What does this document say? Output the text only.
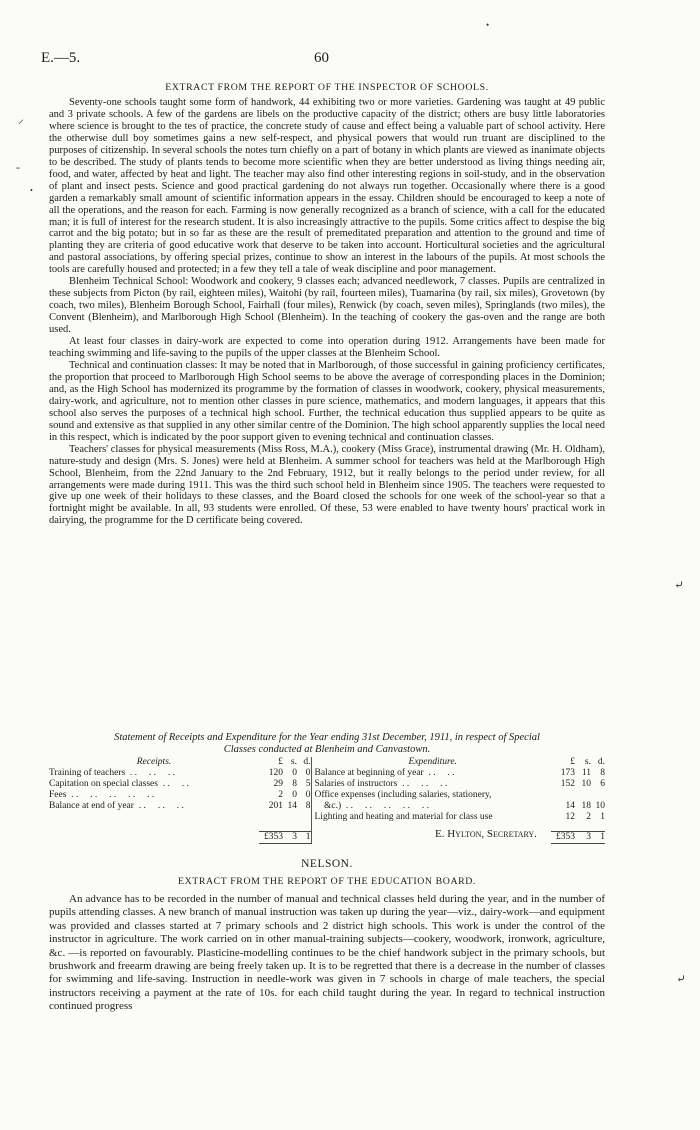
•
⸝
-
•
⤶
⤶
E.—5.	60

EXTRACT FROM THE REPORT OF THE INSPECTOR OF SCHOOLS.

Seventy-one schools taught some form of handwork, 44 exhibiting two or more varieties. Gardening was taught at 49 public and 3 private schools. A few of the gardens are libels on the productive capacity of the district; others are busy little laboratories where science is brought to the tes of practice, the concrete study of cause and effect being a valuable part of school activity. Here the otherwise dull boy sometimes gains a new self-respect, and physical powers that would run truant are disciplined to the purposes of citizenship. In several schools the notes turn chiefly on a part of botany in which plants are viewed as inanimate objects to be described. The study of plants tends to become more scientific when they are better understood as living things needing air, food, and water, affected by heat and light. The teacher may also find other interesting regions in soil-study, and in the observation of plant and insect pests. Science and good practical gardening do not always run together. Occasionally where there is a good garden a remarkably small amount of scientific information appears in the essay. Children should be encouraged to keep a note of all the operations, and the reason for each. Farming is now generally recognized as a branch of science, with a call for the educated man; it is full of interest for the research student. It is also increasingly attractive to the pupils. Some critics affect to despise the big carrot and the big potato; but in so far as these are the result of premeditated preparation and attention to the ground and time of planting they are criteria of good educative work that deserve to be taken into account. Horticultural societies and the agricultural and pastoral associations, by offering special prizes, continue to show an interest in the labours of the pupils. At most schools the tools are carefully housed and protected; in a few they tell a tale of weak discipline and poor management.

Blenheim Technical School: Woodwork and cookery, 9 classes each; advanced needlework, 7 classes. Pupils are centralized in these subjects from Picton (by rail, eighteen miles), Waitohi (by rail, fourteen miles), Tuamarina (by rail, six miles), Grovetown (by coach, two miles), Blenheim Borough School, Fairhall (four miles), Renwick (by coach, seven miles), Springlands (two miles), the Convent (Blenheim), and Marlborough High School (Blenheim). In the teaching of cookery the gas-oven and the range are both used.

At least four classes in dairy-work are expected to come into operation during 1912. Arrangements have been made for teaching swimming and life-saving to the pupils of the upper classes at the Blenheim School.

Technical and continuation classes: It may be noted that in Marlborough, of those successful in gaining proficiency certificates, the proportion that proceed to Marlborough High School seems to be above the average of corresponding places in the Dominion; and, as the High School has modernized its programme by the formation of classes in woodwork, cookery, physical measurements, dairy-work, and agriculture, not to mention other classes in pure science, mathematics, and modern languages, it appears that this school also serves the purposes of a technical high school. Further, the technical education thus supplied appears to be quite as sound and extensive as that supplied in any other similar centre of the Dominion. The high school apparently supplies the local need in this respect, which is indicated by the poor support given to evening technical and continuation classes.

Teachers' classes for physical measurements (Miss Ross, M.A.), cookery (Miss Grace), instrumental drawing (Mr. H. Oldham), nature-study and design (Mrs. S. Jones) were held at Blenheim. A summer school for teachers was held at the Marlborough High School, Blenheim, from the 22nd January to the 2nd February, 1912, but it really belongs to the period under review, for all arrangements were made during 1911. This was the third such school held in Blenheim since 1905. The teachers were requested to give up one week of their holidays to these classes, and the Board closed the schools for one week of the school-year so that a fortnight might be available. In all, 93 students were enrolled. Of these, 53 were enabled to have twenty hours' practical work in dairying, the programme for the D certificate being covered.

Statement of Receipts and Expenditure for the Year ending 31st December, 1911, in respect of Special

Classes conducted at Blenheim and Canvastown.

Receipts.	£	s.	d.	Expenditure.	£	s.	d.
Training of teachers  . .     . .     . .	120	0	0	Balance at beginning of year  . .     . .	173	11	8
Capitation on special classes  . .     . .	29	8	5	Salaries of instructors  . .     . .     . .	152	10	6
Fees  . .     . .     . .     . .     . .	2	0	0	Office expenses (including salaries, stationery,			
Balance at end of year  . .     . .     . .	201	14	8	&c.)  . .     . .     . .     . .     . .	14	18	10
				Lighting and heating and material for class use	12	2	1

	£353	3	1		£353	3	1
E. Hylton, Secretary.
NELSON.
EXTRACT FROM THE REPORT OF THE EDUCATION BOARD.

An advance has to be recorded in the number of manual and technical classes held during the year, and in the number of pupils attending classes. A new branch of manual instruction was taken up during the year—viz., dairy-work—and equipment was provided and classes started at 7 primary schools and 2 district high schools. This work is under the control of the instructor in agriculture. The work carried on in other manual-training subjects—cookery, woodwork, ironwork, agriculture, &c. —is reported on favourably. Plasticine-modelling continues to be the chief handwork subject in the primary schools, but brushwork and freearm drawing are being freely taken up. It is to be regretted that there is a decrease in the number of classes for swimming and life-saving. Instruction in needle-work was given in 7 schools in charge of male teachers, the special instructors receiving a payment at the rate of 10s. for each child taught during the year. In regard to technical instruction continued progress
